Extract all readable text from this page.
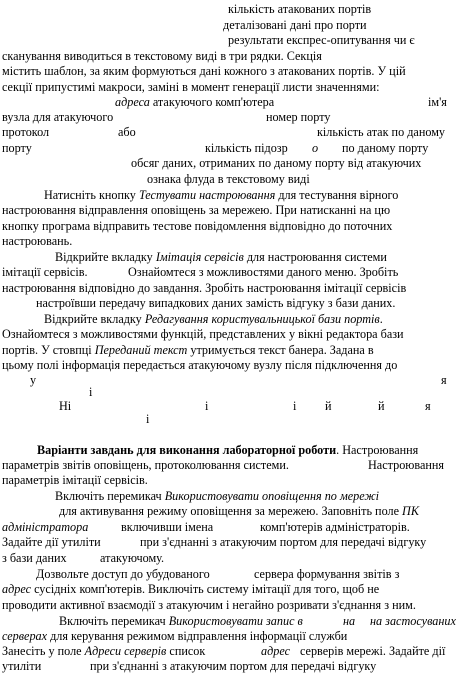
кількість атакованих портів
деталізовані дані про порти
результати експрес-опитування чи є
сканування виводиться в текстовому виді в три рядки. Секція
містить шаблон, за яким формуються дані кожного з атакованих портів. У цій
секції припустимі макроси, заміні в момент генерації листи значеннями:
адреса атакуючого комп'ютера	ім'я
вузла для атакуючого	номер порту
протокол	або	кількість атак по даному
порту	кількість підозр о по даному порту
обсяг даних, отриманих по даному порту від атакуючих
ознака флуда в текстовому виді
Натисніть кнопку Тестувати настроювання для тестування вірного
настроювання відправлення оповіщень за мережею. При натисканні на цю
кнопку програма відправить тестове повідомлення відповідно до поточних
настроювань.
Відкрийте вкладку Імітація сервісів для настроювання системи
імітації сервісів.	Ознайомтеся з можливостями даного меню. Зробіть
настроювання відповідно до завдання. Зробіть настроювання імітації сервісів
настроївши передачу випадкових даних замість відгуку з бази даних.
Відкрийте вкладку Редагування користувальницької бази портів.
Ознайомтеся з можливостями функцій, представлених у вікні редактора бази
портів. У стовпці Переданий текст утримується текст банера. Задана в
цьому полі інформація передається атакуючому вузлу після підключення до
у	я
і
Ні	і	і й	й	я
і
Варіанти завдань для виконання лабораторної роботи. Настроювання
параметрів звітів оповіщень, протоколювання системи.	Настроювання
параметрів імітації сервісів.
Включіть перемикач Використовувати оповіщення по мережі
для активування режиму оповіщення за мережею. Заповніть поле ПК
адміністратора	включивши імена	комп'ютерів адміністраторів.
Задайте дії утиліти	при з'єднанні з атакуючим портом для передачі відгуку
з бази даних	атакуючому.
Дозвольте доступ до убудованого	сервера формування звітів з
адрес сусідніх комп'ютерів. Виключіть систему імітації для того, щоб не
проводити активної взаємодії з атакуючим і негайно розривати з'єднання з ним.
Включіть перемикач Використовувати запис в	на на застосуваних
серверах для керування режимом відправлення інформації служби
Занесіть у поле Адреси серверів список	адрес серверів мережі. Задайте дії
утиліти	при з'єднанні з атакуючим портом для передачі відгуку
